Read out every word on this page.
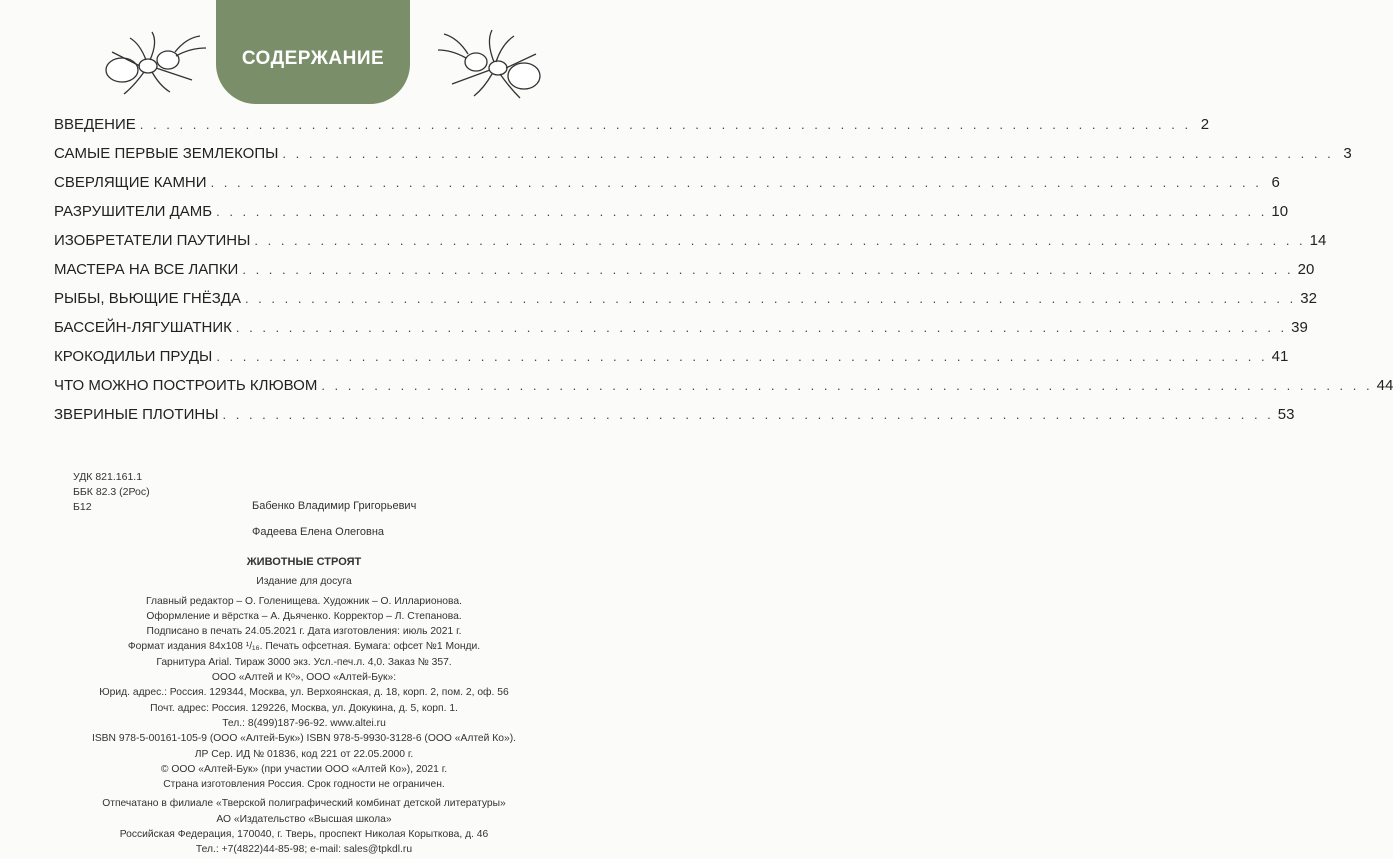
СОДЕРЖАНИЕ
ВВЕДЕНИЕ . . . . . . . . . . . . . . . . . . . . . . . . . . . . . . . . . . . . . . . . . . . . . . . . . . . . . . . . . . . . . . . . . . . . . . . . . . . . . . . . 2
САМЫЕ ПЕРВЫЕ ЗЕМЛЕКОПЫ . . . . . . . . . . . . . . . . . . . . . . . . . . . . . . . . . . . . . . . . . . . . . . . . . . . . . . . . . . . . . . . . . . . . . . . . . . . . . . . . 3
СВЕРЛЯЩИЕ КАМНИ . . . . . . . . . . . . . . . . . . . . . . . . . . . . . . . . . . . . . . . . . . . . . . . . . . . . . . . . . . . . . . . . . . . . . . . . . . . . . . . . 6
РАЗРУШИТЕЛИ ДАМБ . . . . . . . . . . . . . . . . . . . . . . . . . . . . . . . . . . . . . . . . . . . . . . . . . . . . . . . . . . . . . . . . . . . . . . . . . . . . . . . . 10
ИЗОБРЕТАТЕЛИ ПАУТИНЫ . . . . . . . . . . . . . . . . . . . . . . . . . . . . . . . . . . . . . . . . . . . . . . . . . . . . . . . . . . . . . . . . . . . . . . . . . . . . . . . . 14
МАСТЕРА НА ВСЕ ЛАПКИ . . . . . . . . . . . . . . . . . . . . . . . . . . . . . . . . . . . . . . . . . . . . . . . . . . . . . . . . . . . . . . . . . . . . . . . . . . . . . . . . 20
РЫБЫ, ВЬЮЩИЕ ГНЁЗДА . . . . . . . . . . . . . . . . . . . . . . . . . . . . . . . . . . . . . . . . . . . . . . . . . . . . . . . . . . . . . . . . . . . . . . . . . . . . . . . . 32
БАССЕЙН-ЛЯГУШАТНИК . . . . . . . . . . . . . . . . . . . . . . . . . . . . . . . . . . . . . . . . . . . . . . . . . . . . . . . . . . . . . . . . . . . . . . . . . . . . . . . . 39
КРОКОДИЛЬИ ПРУДЫ . . . . . . . . . . . . . . . . . . . . . . . . . . . . . . . . . . . . . . . . . . . . . . . . . . . . . . . . . . . . . . . . . . . . . . . . . . . . . . . . 41
ЧТО МОЖНО ПОСТРОИТЬ КЛЮВОМ . . . . . . . . . . . . . . . . . . . . . . . . . . . . . . . . . . . . . . . . . . . . . . . . . . . . . . . . . . . . . . . . . . . . . . . . . . . . . . . . 44
ЗВЕРИНЫЕ ПЛОТИНЫ . . . . . . . . . . . . . . . . . . . . . . . . . . . . . . . . . . . . . . . . . . . . . . . . . . . . . . . . . . . . . . . . . . . . . . . . . . . . . . . . 53
УДК 821.161.1
ББК 82.3 (2Рос)
Б12	Бабенко Владимир Григорьевич
Фадеева Елена Олеговна
ЖИВОТНЫЕ СТРОЯТ
Издание для досуга
Главный редактор – О. Голенищева. Художник – О. Илларионова.
Оформление и вёрстка – А. Дьяченко. Корректор – Л. Степанова.
Подписано в печать 24.05.2021 г. Дата изготовления: июль 2021 г.
Формат издания 84х108 ¹/₁₆. Печать офсетная. Бумага: офсет №1 Монди.
Гарнитура Arial. Тираж 3000 экз. Усл.-печ.л. 4,0. Заказ № 357.
ООО «Алтей и Кᵒ», ООО «Алтей-Бук»:
Юрид. адрес.: Россия. 129344, Москва, ул. Верхоянская, д. 18, корп. 2, пом. 2, оф. 56
Почт. адрес: Россия. 129226, Москва, ул. Докукина, д. 5, корп. 1.
Тел.: 8(499)187-96-92. www.altei.ru
ISBN 978-5-00161-105-9 (ООО «Алтей-Бук») ISBN 978-5-9930-3128-6 (ООО «Алтей Ко»).
ЛР Сер. ИД № 01836, код 221 от 22.05.2000 г.
© ООО «Алтей-Бук» (при участии ООО «Алтей Ко»), 2021 г.
Страна изготовления Россия. Срок годности не ограничен.
Отпечатано в филиале «Тверской полиграфический комбинат детской литературы»
АО «Издательство «Высшая школа»
Российская Федерация, 170040, г. Тверь, проспект Николая Корыткова, д. 46
Тел.: +7(4822)44-85-98; e-mail: sales@tpkdl.ru
